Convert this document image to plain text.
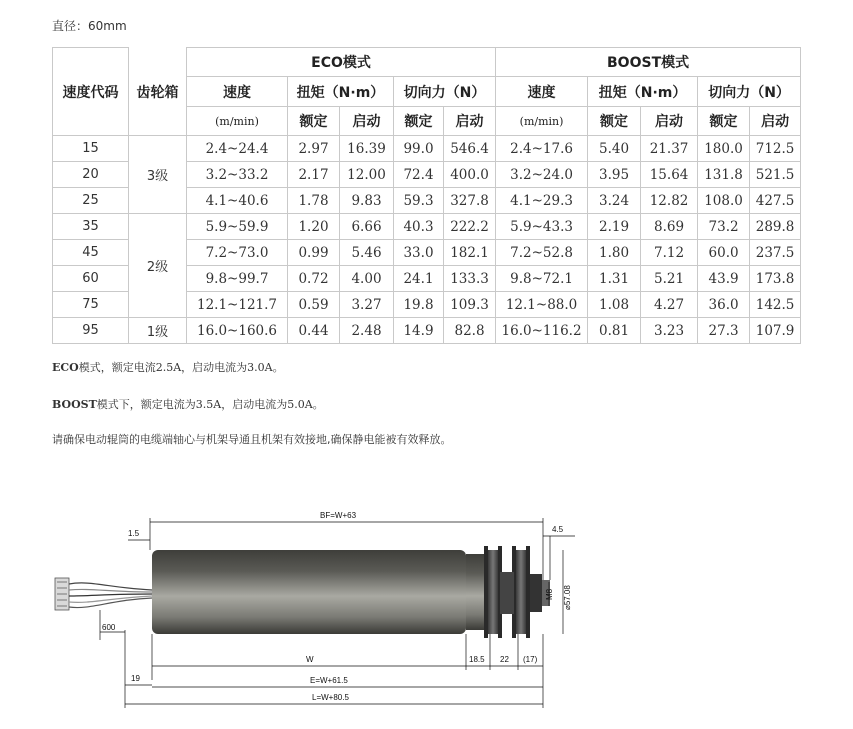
直径：60mm
速度代码	齿轮箱	ECO模式					BOOST模式				
		速度	扭矩（N·m）		切向力（N）		速度	扭矩（N·m）		切向力（N）	
		(m/min)	额定	启动	额定	启动	(m/min)	额定	启动	额定	启动
15	3级	2.4~24.4	2.97	16.39	99.0	546.4	2.4~17.6	5.40	21.37	180.0	712.5
20		3.2~33.2	2.17	12.00	72.4	400.0	3.2~24.0	3.95	15.64	131.8	521.5
25		4.1~40.6	1.78	9.83	59.3	327.8	4.1~29.3	3.24	12.82	108.0	427.5
35	2级	5.9~59.9	1.20	6.66	40.3	222.2	5.9~43.3	2.19	8.69	73.2	289.8
45		7.2~73.0	0.99	5.46	33.0	182.1	7.2~52.8	1.80	7.12	60.0	237.5
60		9.8~99.7	0.72	4.00	24.1	133.3	9.8~72.1	1.31	5.21	43.9	173.8
75		12.1~121.7	0.59	3.27	19.8	109.3	12.1~88.0	1.08	4.27	36.0	142.5
95	1级	16.0~160.6	0.44	2.48	14.9	82.8	16.0~116.2	0.81	3.23	27.3	107.9
ECO模式，额定电流2.5A，启动电流为3.0A。
BOOST模式下，额定电流为3.5A，启动电流为5.0A。
请确保电动辊筒的电缆端轴心与机架导通且机架有效接地,确保静电能被有效释放。
BF=W+63
1.5	4.5
M8 ⌀57.08
600
W	18.5 22 (17)
19	E=W+61.5
L=W+80.5
